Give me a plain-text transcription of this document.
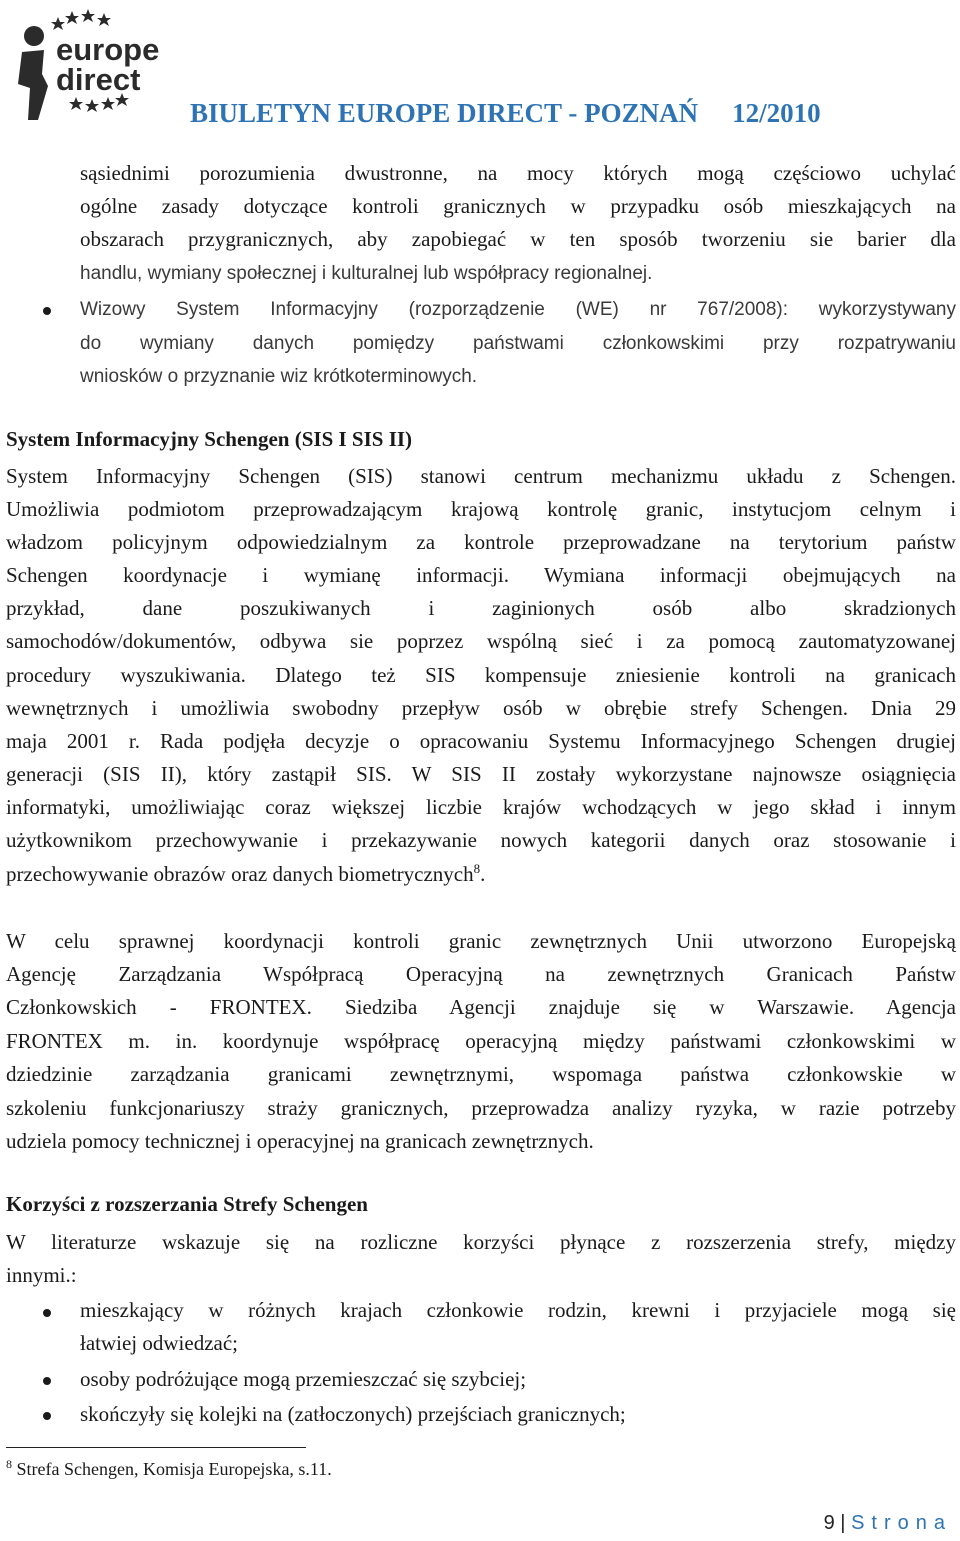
europe
direct
BIULETYN EUROPE DIRECT - POZNAŃ 12/2010
sąsiednimi porozumienia dwustronne, na mocy których mogą częściowo uchylać
ogólne zasady dotyczące kontroli granicznych w przypadku osób mieszkających na
obszarach przygranicznych, aby zapobiegać w ten sposób tworzeniu sie barier dla
handlu, wymiany społecznej i kulturalnej lub współpracy regionalnej.
Wizowy System Informacyjny (rozporządzenie (WE) nr 767/2008): wykorzystywany
do wymiany danych pomiędzy państwami członkowskimi przy rozpatrywaniu
wniosków o przyznanie wiz krótkoterminowych.
System Informacyjny Schengen (SIS I SIS II)
System Informacyjny Schengen (SIS) stanowi centrum mechanizmu układu z Schengen.
Umożliwia podmiotom przeprowadzającym krajową kontrolę granic, instytucjom celnym i
władzom policyjnym odpowiedzialnym za kontrole przeprowadzane na terytorium państw
Schengen koordynacje i wymianę informacji. Wymiana informacji obejmujących na
przykład, dane poszukiwanych i zaginionych osób albo skradzionych
samochodów/dokumentów, odbywa sie poprzez wspólną sieć i za pomocą zautomatyzowanej
procedury wyszukiwania. Dlatego też SIS kompensuje zniesienie kontroli na granicach
wewnętrznych i umożliwia swobodny przepływ osób w obrębie strefy Schengen. Dnia 29
maja 2001 r. Rada podjęła decyzje o opracowaniu Systemu Informacyjnego Schengen drugiej
generacji (SIS II), który zastąpił SIS. W SIS II zostały wykorzystane najnowsze osiągnięcia
informatyki, umożliwiając coraz większej liczbie krajów wchodzących w jego skład i innym
użytkownikom przechowywanie i przekazywanie nowych kategorii danych oraz stosowanie i
przechowywanie obrazów oraz danych biometrycznych$^8$.
W celu sprawnej koordynacji kontroli granic zewnętrznych Unii utworzono Europejską
Agencję Zarządzania Współpracą Operacyjną na zewnętrznych Granicach Państw
Członkowskich - FRONTEX. Siedziba Agencji znajduje się w Warszawie. Agencja
FRONTEX m. in. koordynuje współpracę operacyjną między państwami członkowskimi w
dziedzinie zarządzania granicami zewnętrznymi, wspomaga państwa członkowskie w
szkoleniu funkcjonariuszy straży granicznych, przeprowadza analizy ryzyka, w razie potrzeby
udziela pomocy technicznej i operacyjnej na granicach zewnętrznych.
Korzyści z rozszerzania Strefy Schengen
W literaturze wskazuje się na rozliczne korzyści płynące z rozszerzenia strefy, między
innymi.:
mieszkający w różnych krajach członkowie rodzin, krewni i przyjaciele mogą się
łatwiej odwiedzać;
osoby podróżujące mogą przemieszczać się szybciej;
skończyły się kolejki na (zatłoczonych) przejściach granicznych;
$^8$ Strefa Schengen, Komisja Europejska, s.11.
9 | Strona
